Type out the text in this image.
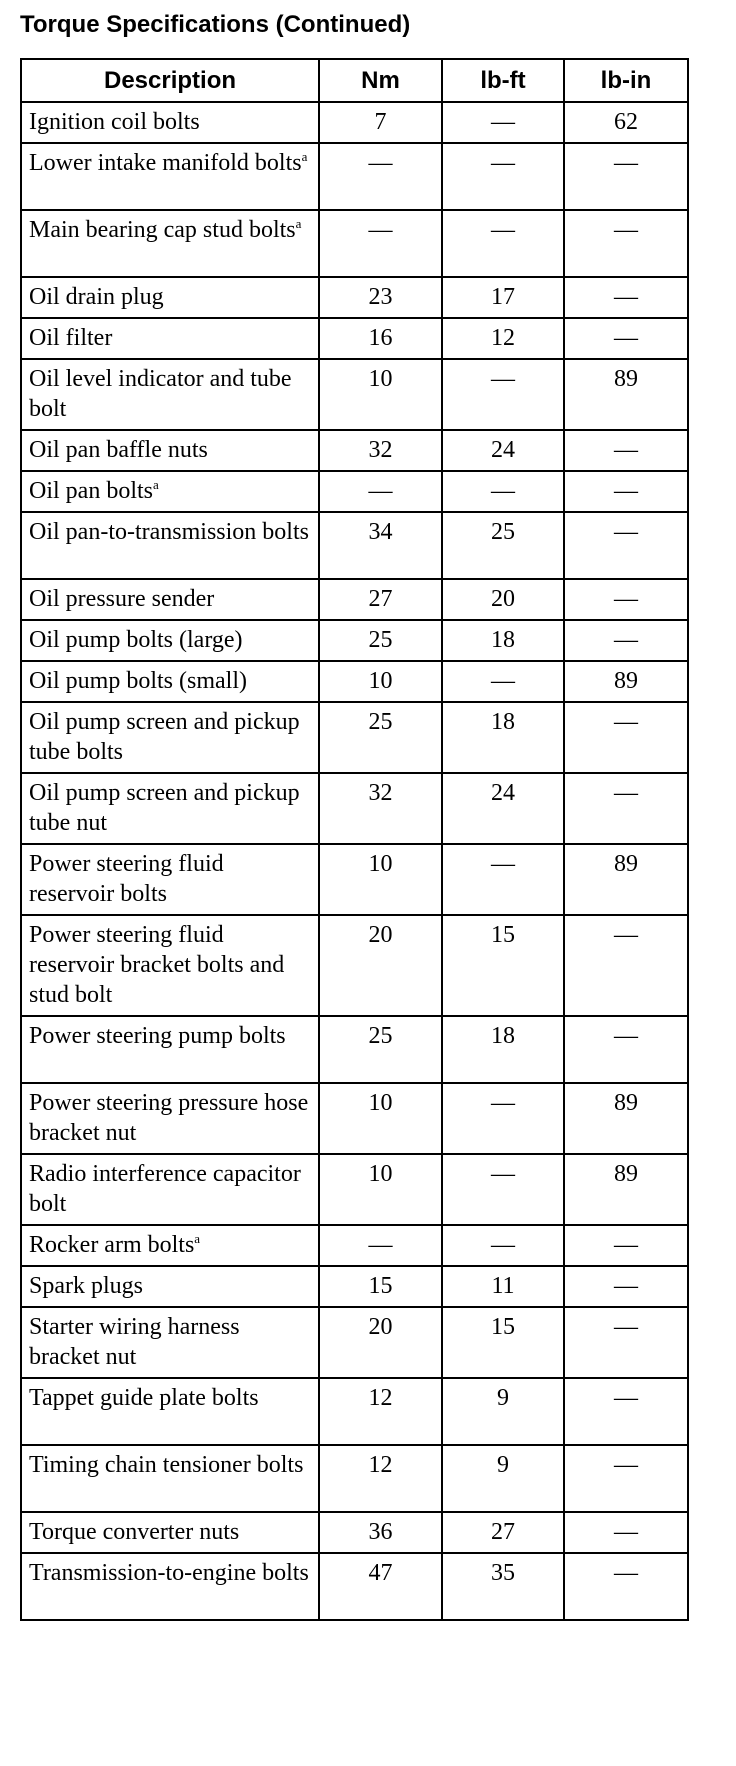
Torque Specifications (Continued)
Description	Nm	lb-ft	lb-in
Ignition coil bolts	7	—	62
Lower intake manifold bolts$^a$	—	—	—
Main bearing cap stud bolts$^a$	—	—	—
Oil drain plug	23	17	—
Oil filter	16	12	—
Oil level indicator and tube bolt	10	—	89
Oil pan baffle nuts	32	24	—
Oil pan bolts$^a$	—	—	—
Oil pan-to-transmission bolts	34	25	—
Oil pressure sender	27	20	—
Oil pump bolts (large)	25	18	—
Oil pump bolts (small)	10	—	89
Oil pump screen and pickup tube bolts	25	18	—
Oil pump screen and pickup tube nut	32	24	—
Power steering fluid reservoir bolts	10	—	89
Power steering fluid reservoir bracket bolts and stud bolt	20	15	—
Power steering pump bolts	25	18	—
Power steering pressure hose bracket nut	10	—	89
Radio interference capacitor bolt	10	—	89
Rocker arm bolts$^a$	—	—	—
Spark plugs	15	11	—
Starter wiring harness bracket nut	20	15	—
Tappet guide plate bolts	12	9	—
Timing chain tensioner bolts	12	9	—
Torque converter nuts	36	27	—
Transmission-to-engine bolts	47	35	—
